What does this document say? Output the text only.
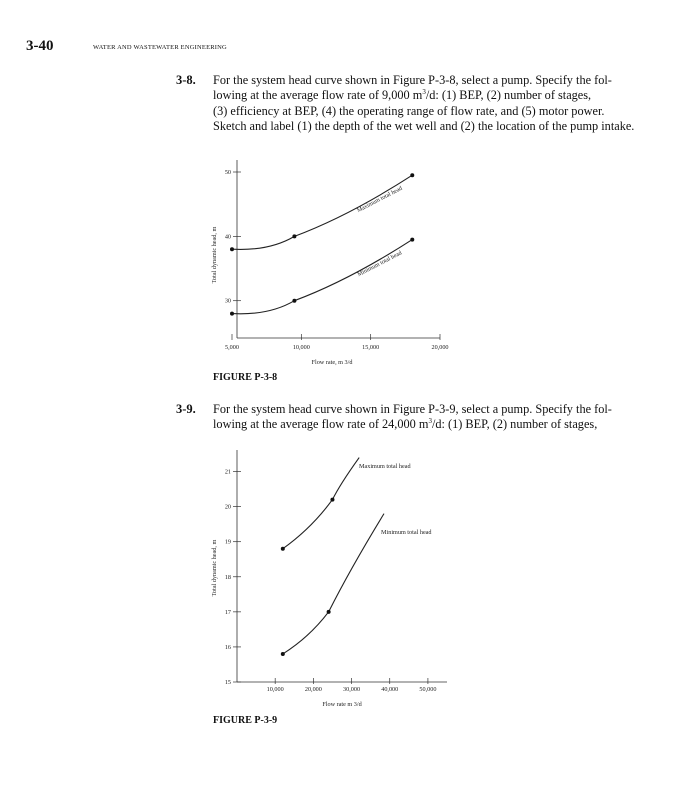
3-40	WATER AND WASTEWATER ENGINEERING
3-8. For the system head curve shown in Figure P-3-8, select a pump. Specify the fol-
lowing at the average flow rate of 9,000 $m^3/d$: (1) BEP, (2) number of stages,
(3) efficiency at BEP, (4) the operating range of flow rate, and (5) motor power.
Sketch and label (1) the depth of the wet well and (2) the location of the pump intake.
3-9. For the system head curve shown in Figure P-3-9, select a pump. Specify the fol-
lowing at the average flow rate of 24,000 $m^3/d$: (1) BEP, (2) number of stages,
FIGURE P-3-8
FIGURE P-3-9
30
40
50
5,000	10,000	15,000	20,000
Total dynamic head, m
Flow rate, m 3/d
Maximum total head
Minimum total head
15
16
17
18
19
20
21
10,000	20,000	30,000	40,000	50,000
Total dynamic head, m
Flow rate m 3/d
Maximum total head
Minimum total head
